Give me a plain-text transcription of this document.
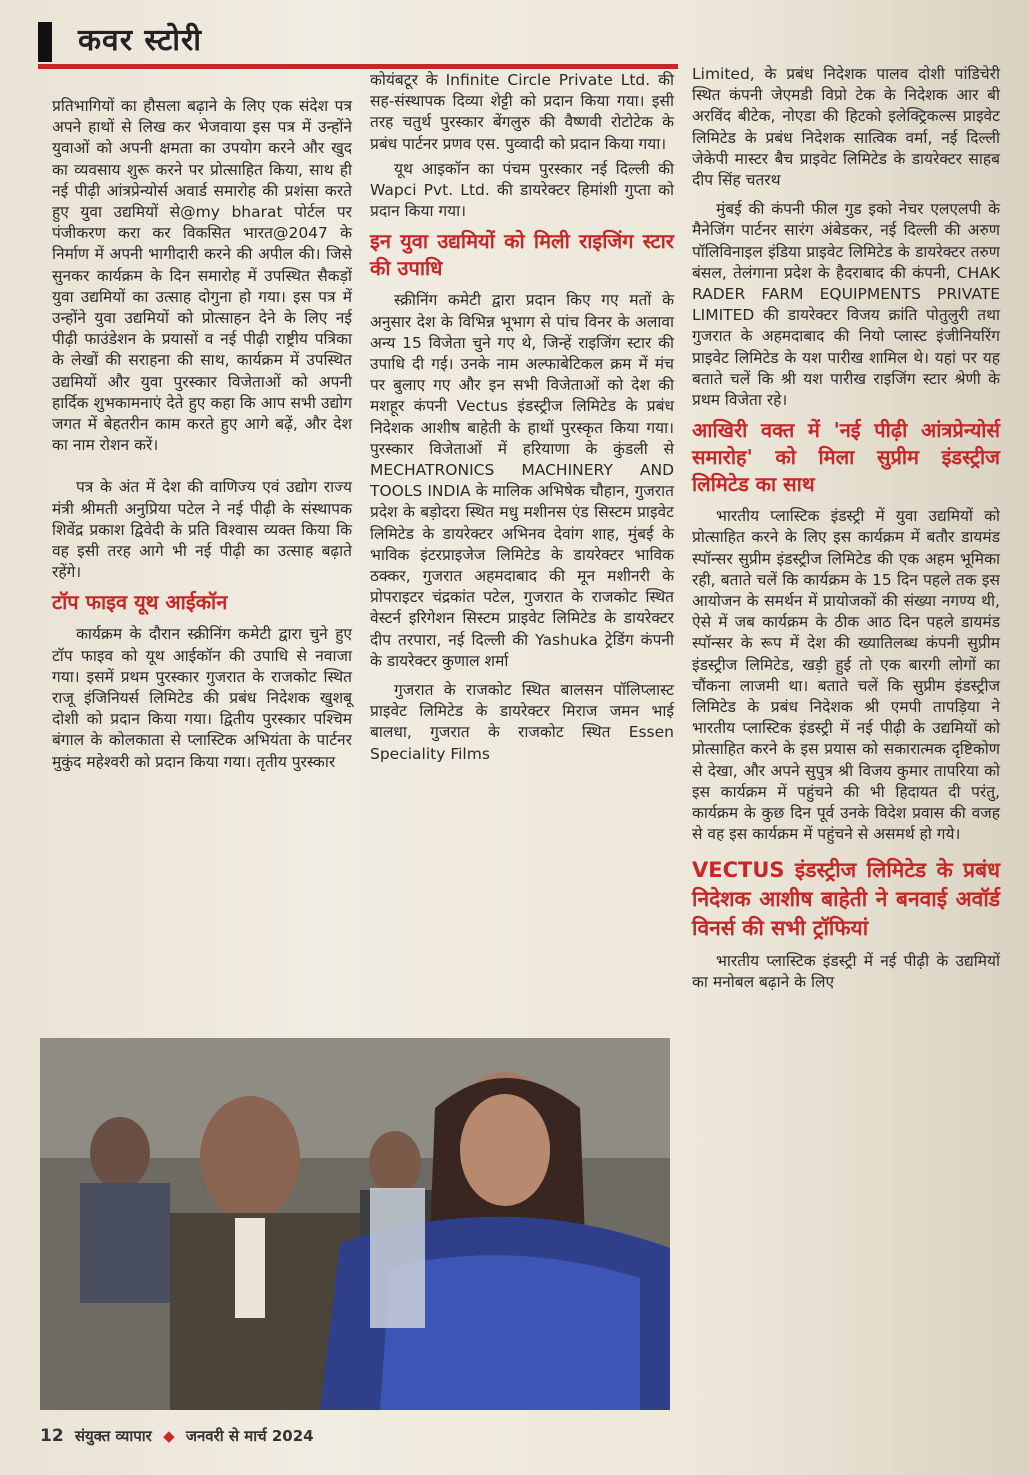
कवर स्टोरी

प्रतिभागियों का हौसला बढ़ाने के लिए एक संदेश पत्र अपने हाथों से लिख कर भेजवाया इस पत्र में उन्होंने युवाओं को अपनी क्षमता का उपयोग करने और खुद का व्यवसाय शुरू करने पर प्रोत्साहित किया, साथ ही नई पीढ़ी आंत्रप्रेन्योर्स अवार्ड समारोह की प्रशंसा करते हुए युवा उद्यमियों से@my bharat पोर्टल पर पंजीकरण करा कर विकसित भारत@2047 के निर्माण में अपनी भागीदारी करने की अपील की। जिसे सुनकर कार्यक्रम के दिन समारोह में उपस्थित सैकड़ों युवा उद्यमियों का उत्साह दोगुना हो गया। इस पत्र में उन्होंने युवा उद्यमियों को प्रोत्साहन देने के लिए नई पीढ़ी फाउंडेशन के प्रयासों व नई पीढ़ी राष्ट्रीय पत्रिका के लेखों की सराहना की साथ, कार्यक्रम में उपस्थित उद्यमियों और युवा पुरस्कार विजेताओं को अपनी हार्दिक शुभकामनाएं देते हुए कहा कि आप सभी उद्योग जगत में बेहतरीन काम करते हुए आगे बढ़ें, और देश का नाम रोशन करें।

पत्र के अंत में देश की वाणिज्य एवं उद्योग राज्य मंत्री श्रीमती अनुप्रिया पटेल ने नई पीढ़ी के संस्थापक शिवेंद्र प्रकाश द्विवेदी के प्रति विश्वास व्यक्त किया कि वह इसी तरह आगे भी नई पीढ़ी का उत्साह बढ़ाते रहेंगे।

टॉप फाइव यूथ आईकॉन

कार्यक्रम के दौरान स्क्रीनिंग कमेटी द्वारा चुने हुए टॉप फाइव को यूथ आईकॉन की उपाधि से नवाजा गया। इसमें प्रथम पुरस्कार गुजरात के राजकोट स्थित राजू इंजिनियर्स लिमिटेड की प्रबंध निदेशक खुशबू दोशी को प्रदान किया गया। द्वितीय पुरस्कार पश्चिम बंगाल के कोलकाता से प्लास्टिक अभियंता के पार्टनर मुकुंद महेश्वरी को प्रदान किया गया। तृतीय पुरस्कार

कोयंबटूर के Infinite Circle Private Ltd. की सह-संस्थापक दिव्या शेट्टी को प्रदान किया गया। इसी तरह चतुर्थ पुरस्कार बेंगलुरु की वैष्णवी रोटोटेक के प्रबंध पार्टनर प्रणव एस. पुव्वादी को प्रदान किया गया।

यूथ आइकॉन का पंचम पुरस्कार नई दिल्ली की Wapci Pvt. Ltd. की डायरेक्टर हिमांशी गुप्ता को प्रदान किया गया।

इन युवा उद्यमियों को मिली राइजिंग स्टार की उपाधि

स्क्रीनिंग कमेटी द्वारा प्रदान किए गए मतों के अनुसार देश के विभिन्न भूभाग से पांच विनर के अलावा अन्य 15 विजेता चुने गए थे, जिन्हें राइजिंग स्टार की उपाधि दी गई। उनके नाम अल्फाबेटिकल क्रम में मंच पर बुलाए गए और इन सभी विजेताओं को देश की मशहूर कंपनी Vectus इंडस्ट्रीज लिमिटेड के प्रबंध निदेशक आशीष बाहेती के हाथों पुरस्कृत किया गया। पुरस्कार विजेताओं में हरियाणा के कुंडली से MECHATRONICS MACHINERY AND TOOLS INDIA के मालिक अभिषेक चौहान, गुजरात प्रदेश के बड़ोदरा स्थित मधु मशीनस एंड सिस्टम प्राइवेट लिमिटेड के डायरेक्टर अभिनव देवांग शाह, मुंबई के भाविक इंटरप्राइजेज लिमिटेड के डायरेक्टर भाविक ठक्कर, गुजरात अहमदाबाद की मून मशीनरी के प्रोपराइटर चंद्रकांत पटेल, गुजरात के राजकोट स्थित वेस्टर्न इरिगेशन सिस्टम प्राइवेट लिमिटेड के डायरेक्टर दीप तरपारा, नई दिल्ली की Yashuka ट्रेडिंग कंपनी के डायरेक्टर कुणाल शर्मा

गुजरात के राजकोट स्थित बालसन पॉलिप्लास्ट प्राइवेट लिमिटेड के डायरेक्टर मिराज जमन भाई बालधा, गुजरात के राजकोट स्थित Essen Speciality Films

Limited, के प्रबंध निदेशक पालव दोशी पांडिचेरी स्थित कंपनी जेएमडी विप्रो टेक के निदेशक आर बी अरविंद बीटेक, नोएडा की हिटको इलेक्ट्रिकल्स प्राइवेट लिमिटेड के प्रबंध निदेशक सात्विक वर्मा, नई दिल्ली जेकेपी मास्टर बैच प्राइवेट लिमिटेड के डायरेक्टर साहब दीप सिंह चतरथ

मुंबई की कंपनी फील गुड इको नेचर एलएलपी के मैनेजिंग पार्टनर सारंग अंबेडकर, नई दिल्ली की अरुण पॉलिविनाइल इंडिया प्राइवेट लिमिटेड के डायरेक्टर तरुण बंसल, तेलंगाना प्रदेश के हैदराबाद की कंपनी, CHAK RADER FARM EQUIPMENTS PRIVATE LIMITED की डायरेक्टर विजय क्रांति पोतुलुरी तथा गुजरात के अहमदाबाद की नियो प्लास्ट इंजीनियरिंग प्राइवेट लिमिटेड के यश पारीख शामिल थे। यहां पर यह बताते चलें कि श्री यश पारीख राइजिंग स्टार श्रेणी के प्रथम विजेता रहे।

आखिरी वक्त में 'नई पीढ़ी आंत्रप्रेन्योर्स समारोह' को मिला सुप्रीम इंडस्ट्रीज लिमिटेड का साथ

भारतीय प्लास्टिक इंडस्ट्री में युवा उद्यमियों को प्रोत्साहित करने के लिए इस कार्यक्रम में बतौर डायमंड स्पॉन्सर सुप्रीम इंडस्ट्रीज लिमिटेड की एक अहम भूमिका रही, बताते चलें कि कार्यक्रम के 15 दिन पहले तक इस आयोजन के समर्थन में प्रायोजकों की संख्या नगण्य थी, ऐसे में जब कार्यक्रम के ठीक आठ दिन पहले डायमंड स्पॉन्सर के रूप में देश की ख्यातिलब्ध कंपनी सुप्रीम इंडस्ट्रीज लिमिटेड, खड़ी हुई तो एक बारगी लोगों का चौंकना लाजमी था। बताते चलें कि सुप्रीम इंडस्ट्रीज लिमिटेड के प्रबंध निदेशक श्री एमपी तापड़िया ने भारतीय प्लास्टिक इंडस्ट्री में नई पीढ़ी के उद्यमियों को प्रोत्साहित करने के इस प्रयास को सकारात्मक दृष्टिकोण से देखा, और अपने सुपुत्र श्री विजय कुमार तापरिया को इस कार्यक्रम में पहुंचने की भी हिदायत दी परंतु, कार्यक्रम के कुछ दिन पूर्व उनके विदेश प्रवास की वजह से वह इस कार्यक्रम में पहुंचने से असमर्थ हो गये।

VECTUS इंडस्ट्रीज लिमिटेड के प्रबंध निदेशक आशीष बाहेती ने बनवाई अवॉर्ड विनर्स की सभी ट्रॉफियां

भारतीय प्लास्टिक इंडस्ट्री में नई पीढ़ी के उद्यमियों का मनोबल बढ़ाने के लिए

12 संयुक्त व्यापार ◆ जनवरी से मार्च 2024
